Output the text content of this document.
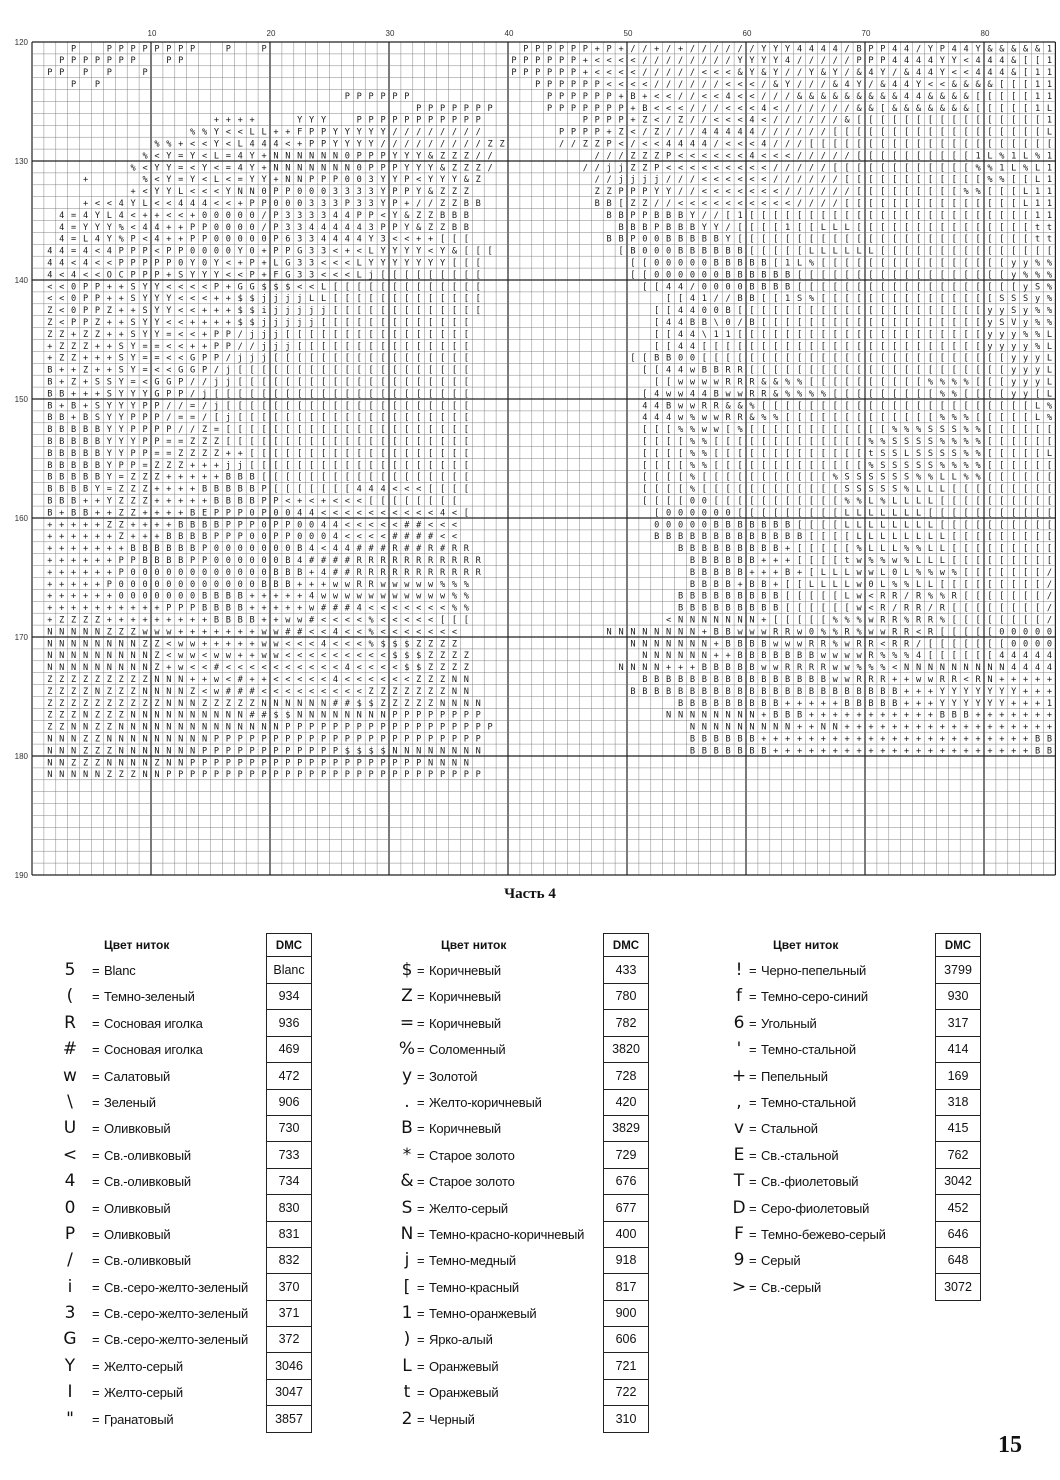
10	20	30	40	50	60	70	80
120
130
140
150
160
170
180
190
P	P P P P P P P P	P	P
P P P P P P P	P P
P P P P	P
P P
P P P P P P
P P P P P P P
+ + + +	Y Y Y	P P P P P P P P P P P
% % Y < < L L + + F P P Y Y Y Y Y / / / / / / / /
% % + < < Y < L 4 4 4 < + P P Y Y Y Y / / / / / / / / / Z Z
% < Y = Y < L = 4 Y + N N N N N N 0 P P P Y Y Y & Z Z Z / /
% < Y Y = < Y < = 4 Y + N N N N N N N 0 P P P Y Y Y & Z Z Z /
+	% < Y = Y < L < = Y Y + N N P P P 0 0 3 Y Y P < Y Y Y & Z
+ < Y Y L < < < Y N N 0 P P 0 0 0 3 3 3 3 Y P P Y & Z Z Z
+ < < 4 Y L < < 4 4 4 < < + P P 0 0 0 3 3 3 P 3 3 Y P + / / Z Z B B
4 = 4 Y L 4 < + + < < + 0 0 0 0 0 / P 3 3 3 3 4 4 P P < Y & Z Z B B B
4 = Y Y Y % < 4 4 + + P P 0 0 0 0 / P 3 3 4 4 4 4 4 3 P P Y & Z Z B B
4 = L 4 Y % P < 4 + + P P 0 0 0 0 0 P 6 3 3 4 4 4 4 Y 3 < < + + [ [ [
4 4 = 4 < 4 P P P < P P 0 0 0 0 Y 0 + P P G 3 3 < + < L Y Y Y Y < Y & [ [ [
4 4 < 4 < < P P P P P 0 Y 0 Y < + P + L G 3 3 < < < L Y Y Y Y Y Y Y [ [ [
4 < 4 < < O C P P P + S Y Y Y < < P + F G 3 3 < < < L j [ [ [ [ [ [ [ [ [
< < 0 P P + + S Y Y < < < < P + G G $ $ $ < < L [ [ [ [ [ [ [ [ [ [ [ [ [
< < 0 P P + + S Y Y Y < < < + + $ $ j j j j L L [ [ [ [ [ [ [ [ [ [ [ [ [
Z < 0 P P Z + + S Y Y < < + + + $ $ i j j j j j [ [ [ [ [ [ [ [ [ [ [ [ [
Z < P P Z + + S Y Y < < + + + + $ $ j j j j j [ [ [ [ [ [ [ [ [ [ [ [ [
Z Z + Z Z + + S Y Y = < < + P P / j j j [ [ [ [ [ [ [ [ [ [ [ [ [ [ [ [
+ Z Z Z + + S Y = = < < + + P P / / j j j [ [ [ [ [ [ [ [ [ [ [ [ [ [ [
+ Z Z + + + S Y = = < < G P P / j j j [ [ [ [ [ [ [ [ [ [ [ [ [ [ [ [ [
B + + Z + + S Y = < < G G P / j [ [ [ [ [ [ [ [ [ [ [ [ [ [ [ [ [ [ [ [
B + Z + S S Y = < G G P / / j j [ [ [ [ [ [ [ [ [ [ [ [ [ [ [ [ [ [ [ [
B B + + + S Y Y Y G P P / j [ [ [ [ [ [ [ [ [ [ [ [ [ [ [ [ [ [ [ [ [ [
B + B + S Y Y Y P P / / = / j [ [ [ [ [ [ [ [ [ [ [ [ [ [ [ [ [ [ [ [ [
B B + B S Y Y P P P / = = / [ j [ [ [ [ [ [ [ [ [ [ [ [ [ [ [ [ [ [ [ [
B B B B B Y Y P P P P / / Z = [ [ [ [ [ [ [ [ [ [ [ [ [ [ [ [ [ [ [ [ [
B B B B B Y Y Y P P = = Z Z Z [ [ [ [ [ [ [ [ [ [ [ [ [ [ [ [ [ [ [ [ [
B B B B B Y Y P P = = Z Z Z Z + + [ [ [ [ [ [ [ [ [ [ [ [ [ [ [ [ [ [ [
B B B B B Y P P = Z Z Z + + + j j [ [ [ [ [ [ [ [ [ [ [ [ [ [ [ [ [ [ [
B B B B B Y = Z Z Z + + + + + B B B [ [ [ [ [ [ [ [ [ [ [ [ [ [ [ [ [ [
B B B B Y = Z Z Z + + + + B B B B B P [ [ [ [ [ [ [ 4 4 4 < < < [ [ [ [
B B B + + Y Z Z Z + + + + + B B B B P P < + < + < < < [ [ [ [ [ [ [ [
B + B B + + Z Z + + + + B E P P P 0 P 0 0 4 4 < < < < < < < < < < 4 < [
+ + + + + Z Z + + + + B B B B P P P 0 P P 0 0 4 4 < < < < < # # < < <
+ + + + + + Z + + + B B B B P P P 0 0 P P 0 0 0 4 < < < < # # # # < <
+ + + + + + + B B B B B B P 0 0 0 0 0 0 0 B 4 < 4 4 # # # R # # R # R R
+ + + + + + P P B B B B P P 0 0 0 0 0 0 B 4 # # # # R R R R R R R R R R R
+ + + + + + P 0 0 0 0 0 0 0 0 0 0 0 0 B B B + 4 # # R R R R R R R R R R R
+ + + + + P 0 0 0 0 0 0 0 0 0 0 0 0 B B B + + + w w R R w w w w w % % %
+ + + + + + 0 0 0 0 0 0 0 B B B B + + + + + 4 w w w w w w w w w w w % %
+ + + + + + + + + + P P P B B B B + + + + + w # # # 4 < < < < < < < % %
+ Z Z Z Z + + + + + + + + + B B B B + + w w # < < < < % < < < < < [ [ [
N N N N N Z Z Z w w w + + + + + + + w w # # < < 4 < < % < < < < < < <
N N N N N N N N Z Z < w w + + + + + w w < < < 4 < < < % $ $ $ Z Z Z Z
N N N N N N N N N Z < w w < w w + + w w < < < < < < < < < $ $ $ Z Z Z Z
N N N N N N N N N Z + w < < # < < < < < < < < < < 4 < < < < $ $ Z Z Z Z
Z Z Z Z Z Z Z Z Z N N N + + w < # + + < < < < < 4 < < < < < < Z Z Z N N
Z Z Z Z N Z Z Z N N N N Z < w # # # < < < < < < < < < Z Z Z Z Z Z Z N N
Z Z Z Z Z Z Z Z Z Z N N N Z Z Z Z Z N N N N N N # # $ $ Z Z Z Z Z N N N N
Z Z Z N Z Z Z N N N N N N N N N N # # $ $ N N N N N N N N P P P P P P P P
Z Z N N Z Z N N N N N N N N N N N N N N P P P P P P P P P P P P P P P P P P
N N N Z Z N N N N N N N N N P P P P P P P P P P P P P P P P P P P P P P P
N N N Z Z Z N N N N N N N P P P P P P P P P P P P $ $ $ $ N N N N N N N N
N N Z Z Z N N N N Z N N P P P P P P P P P P P P P P P P P P P P N N N N
N N N N N Z Z Z N N P P P P P P P P P P P P P P P P P P P P P P P P P P P
P P P P P P + P + / / + / + / / / / / / Y Y Y 4 4 4 4 / B P P 4 4 / Y P 4 4 Y & & & & & 1
P P P P P P + < < < < / / / / / / / / Y Y Y Y 4 / / / / / P P P 4 4 4 4 Y Y < 4 4 4 & [ [ 1
P P P P P P + < < < < / / / / / < < < & Y & Y / / Y & Y / & 4 Y / & 4 4 Y < < 4 4 4 & [ 1 1
P P P P P P < < < < / / / / / / < < < / & Y / / / & 4 Y / & 4 4 Y < < & & & & [ [ [ 1 1
P P P P P P + B + < < / / < < 4 < < / / / & & & & & & & & & 4 4 & & & & [ [ [ [ [ 1 1
P P P P P P P + B < < < / / / < < < 4 < / / / / / / & & [ & & & & & & & [ [ [ [ [ 1 L
P P P P + Z < / Z / / < < < 4 < / / / / / / & [ [ [ [ [ [ [ [ [ [ [ [ [ [ [ [ 1
P P P P + Z < / Z / / / 4 4 4 4 4 / / / / / / [ [ [ [ [ [ [ [ [ [ [ [ [ [ [ [ [ [ L
/ / Z Z P < / < < 4 4 4 4 / < < < 4 / / / [ [ [ [ [ [ [ [ [ [ [ [ [ [ [ [ [ [ [ [ [
/ / / Z Z Z P < < < < < < 4 < < < / / / / / [ [ [ [ [ [ [ [ [ [ 1 L % 1 L % 1
/ / j j Z Z P < < < < < < < < < / / / / / [ [ [ [ [ [ [ [ [ [ [ [ % % 1 L % L 1
/ / j j j j / / / < < < < < < / / / / / / [ [ [ [ [ [ [ [ [ [ [ [ % % [ [ L 1
Z Z P P P Y Y / / < < < < < < < / / / / / / [ [ [ [ [ [ [ [ [ % % [ [ [ L 1 1
B B [ Z Z / / < < < < < < < < < < / / / / [ [ [ [ [ [ [ [ [ [ [ [ [ [ [ L 1 1
B B P P B B B Y / / [ 1 [ [ [ [ [ [ [ [ [ [ [ [ [ [ [ [ [ [ [ [ [ [ [ [ 1 1
B B B P B B B Y Y / [ [ [ [ 1 [ [ L L L [ [ [ [ [ [ [ [ [ [ [ [ [ [ [ t t
B B P 0 0 B B B B B Y [ [ [ [ [ [ [ [ [ [ [ [ [ [ [ [ [ [ [ [ [ [ [ [ [ t t
[ B 0 0 0 B B B B B B [ [ [ [ [ L L L L L L [ [ [ [ [ [ [ [ [ [ [ [ [ [ [
[ [ 0 0 0 0 0 B B B B B [ 1 L % [ [ [ [ [ [ [ [ [ [ [ [ [ [ [ [ y y % %
[ [ 0 0 0 0 0 0 B B B B B B [ [ [ [ [ [ [ [ [ [ [ [ [ [ [ [ [ [ y % % %
[ [ 4 4 / 0 0 0 0 B B B B [ [ [ [ [ [ [ [ [ [ [ [ [ [ [ [ [ [ [ y S %
[ [ 4 1 / / B B [ [ 1 S % [ [ [ [ [ [ [ [ [ [ [ [ [ [ [ S S S y %
[ [ 4 4 0 0 B [ [ [ [ [ [ [ [ [ [ [ [ [ [ [ [ [ [ [ [ [ y y S y % %
[ 4 4 B B \ 0 / B [ [ [ [ [ [ [ [ [ [ [ [ [ [ [ [ [ [ [ y S V y % %
[ [ 4 4 \ 1 1 [ [ [ [ [ [ [ [ [ [ [ [ [ [ [ [ [ [ [ [ [ y y y % % L
[ [ 4 4 [ [ [ [ [ [ [ [ [ [ [ [ [ [ [ [ [ [ [ [ [ [ [ [ y y y y % L
[ [ B B 0 0 [ [ [ [ [ [ [ [ [ [ [ [ [ [ [ [ [ [ [ [ [ [ [ [ [ [ y y y L
[ [ 4 4 w B B R R [ [ [ [ [ [ [ [ [ [ [ [ [ [ [ [ [ [ [ [ [ [ y y y L
[ [ w w w w R R R & & % % [ [ [ [ [ [ [ [ [ [ % % % % [ [ [ y y y L
[ 4 w w 4 4 B w w R R & % % % % [ [ [ [ [ [ [ [ [ % % [ [ [ [ y y [ L
4 4 B w w R R & & % [ [ [ [ [ [ [ [ [ [ [ [ [ [ [ [ [ [ [ [ [ [ [ L %
4 4 4 w % w w R R & % % [ [ [ [ [ [ [ [ [ [ [ [ [ % % % [ [ [ [ [ L %
[ [ [ % % w w [ % [ [ [ [ [ [ [ [ [ [ [ [ % % % S S S % % [ [ [ [ [ [
[ [ [ [ % % [ [ [ [ [ [ [ [ [ [ [ [ [ % % S S S S % % % % [ [ [ [ [ [
[ [ [ [ % % [ [ [ [ [ [ [ [ [ [ [ [ [ t S S L S S S S % % [ [ [ [ [ L
[ [ [ [ % % [ [ [ [ [ [ [ [ [ [ [ [ [ % S S S S S % % % % [ [ [ [ [ [
[ [ [ [ % [ [ [ [ [ [ [ [ [ [ [ % S S S S S S % % L L % % [ [ [ [ [ [
[ [ [ [ % [ [ [ [ [ [ [ [ [ [ [ [ S S S S S % L L L [ [ [ [ [ [ [ [ [
[ [ [ [ 0 0 [ [ [ [ [ [ [ [ [ [ [ % % L % L L L L [ [ [ [ [ [ [ [ [ [
[ 0 0 0 0 0 0 [ [ [ [ [ [ [ [ [ L L L L L L L [ [ [ [ [ [ [ [ [ [ [
0 0 0 0 0 B B B B B B B [ [ [ [ L L L L L L L L [ [ [ [ [ [ [ [ [ [
B B B B B B B B B B B B B [ [ [ [ L L L L L L L L [ [ [ [ [ [ [ [ [
B B B B B B B B B + [ [ [ [ [ % L L L % % L L [ [ [ [ [ [ [ [ [
B B B B B B + + + [ [ [ [ t w % % w % L L L [ [ [ [ [ [ [ [ [
B B B B B + + + B + [ L L L w w L 0 L % % w % [ [ [ [ [ [ [ /
B B B B + B B + [ [ L L L L w 0 L % % L L [ [ [ [ [ [ [ [ [ /
B B B B B B B B B [ [ [ [ [ L w < R R / R % % R [ [ [ [ [ [ [ /
B B B B B B B B B [ [ [ [ [ [ w < R / R R / R [ [ [ [ [ [ [ [ /
< N N N N N N N + [ [ [ [ [ % % % w R R % R R % [ [ [ [ [ [ [ [ /
N N N N N N N N + B B w w w R R w 0 % % R % w w R R < R [ [ [ [ [ 0 0 0 0 0
N N N N N N N + B B B B w w w R R % w R R < R R / [ [ [ [ [ [ [ 0 0 0 0
N N N N N N + + B B B B B B B w w w w R % % % 4 [ [ [ [ [ [ 4 4 4 4 4
N N N N + + + B B B B B w w R R R R w w % % % < N N N N N N N N N 4 4 4 4
B B B B B B B B B B B B B B B B w w R R R + + w w R R < R N + + + + +
B B B B B B B B B B B B B B B B B B B B B B B + + + Y Y Y Y Y Y Y + + +
B B B B B B B B B + + + + + B B B B B + + + Y Y Y Y Y Y + + + 1
N N N N N N N N + B B B + + + + + + + + + + + B B B + + + + + + +
N N N N N N N N N + + N N + + + + + + + + + + + + + + + + + +
B B B B B B + + + + + + + + + + + + + + + + + + + + + + + B B
B B B B B B B + + + + + + + + + + + + + + + + + + + + + + B B
Часть 4
Цвет ниток	DMC
5	= Blanc	Blanc
(	= Темно-зеленый	934
R	= Сосновая иголка	936
#	= Сосновая иголка	469
w	= Салатовый	472
\	= Зеленый	906
U	= Оливковый	730
<	= Св.-оливковый	733
4	= Св.-оливковый	734
0	= Оливковый	830
P	= Оливковый	831
/	= Св.-оливковый	832
i	= Св.-серо-желто-зеленый	370
3	= Св.-серо-желто-зеленый	371
G	= Св.-серо-желто-зеленый	372
Y	= Желто-серый	3046
I	= Желто-серый	3047
"	= Гранатовый	3857
Цвет ниток	DMC
$ = Коричневый	433
Z = Коричневый	780
= = Коричневый	782
% = Соломенный	3820
y = Золотой	728
. = Желто-коричневый	420
B = Коричневый	3829
* = Старое золото	729
& = Старое золото	676
S = Желто-серый	677
N = Темно-красно-коричневый	400
j = Темно-медный	918
[ = Темно-красный	817
1 = Темно-оранжевый	900
) = Ярко-алый	606
L = Оранжевый	721
t = Оранжевый	722
2 = Черный	310
Цвет ниток	DMC
! = Черно-пепельный	3799
f = Темно-серо-синий	930
6 = Угольный	317
' = Темно-стальной	414
+ = Пепельный	169
, = Темно-стальной	318
v = Стальной	415
E = Св.-стальной	762
T = Св.-фиолетовый	3042
D = Серо-фиолетовый	452
F = Темно-бежево-серый	646
9 = Серый	648
> = Св.-серый	3072
15
